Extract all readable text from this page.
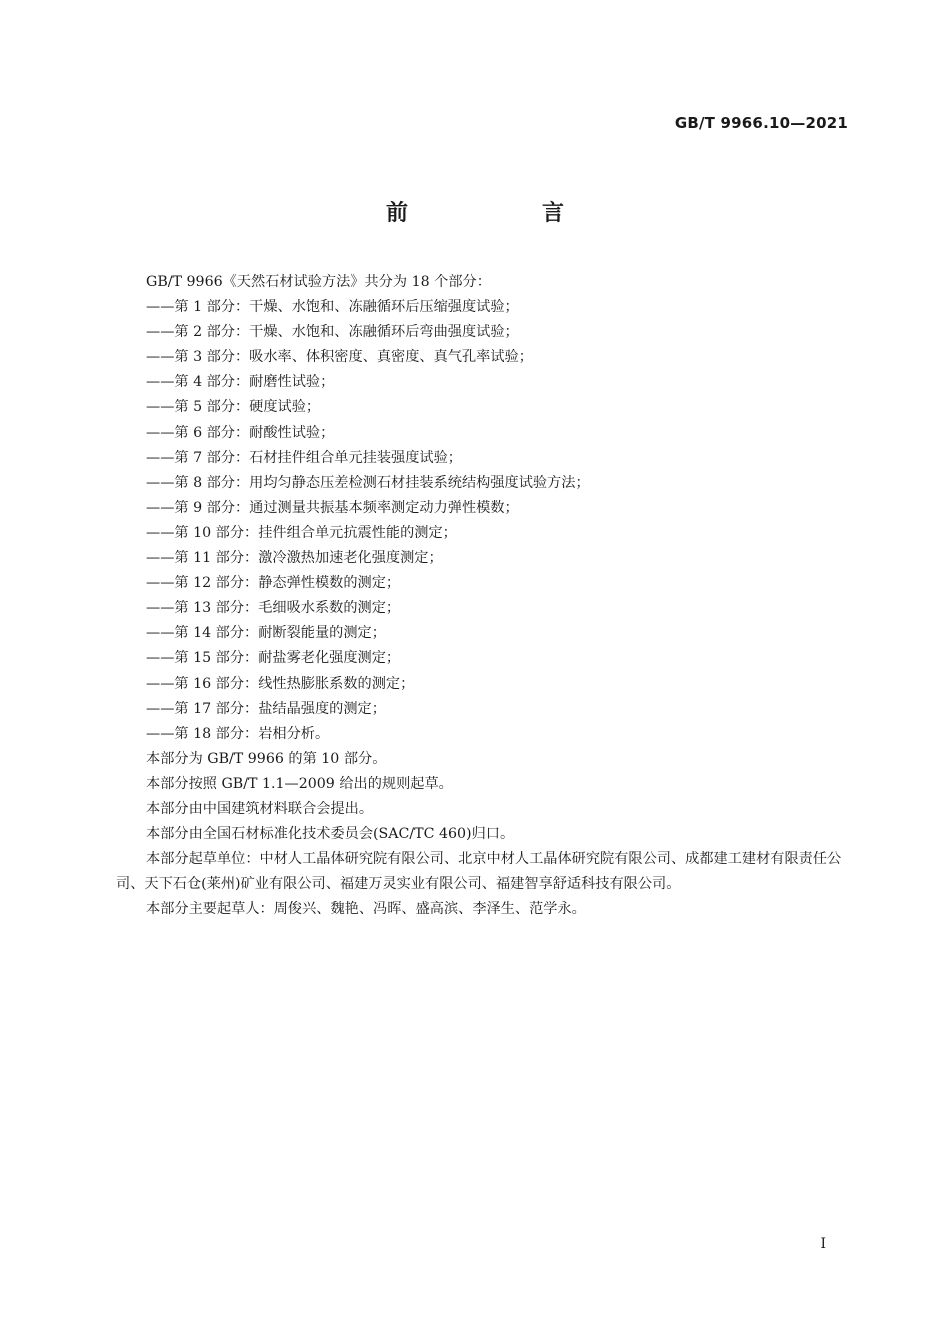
GB/T 9966.10—2021
前　言

GB/T 9966《天然石材试验方法》共分为 18 个部分：

——第 1 部分：干燥、水饱和、冻融循环后压缩强度试验；

——第 2 部分：干燥、水饱和、冻融循环后弯曲强度试验；

——第 3 部分：吸水率、体积密度、真密度、真气孔率试验；

——第 4 部分：耐磨性试验；

——第 5 部分：硬度试验；

——第 6 部分：耐酸性试验；

——第 7 部分：石材挂件组合单元挂装强度试验；

——第 8 部分：用均匀静态压差检测石材挂装系统结构强度试验方法；

——第 9 部分：通过测量共振基本频率测定动力弹性模数；

——第 10 部分：挂件组合单元抗震性能的测定；

——第 11 部分：激冷激热加速老化强度测定；

——第 12 部分：静态弹性模数的测定；

——第 13 部分：毛细吸水系数的测定；

——第 14 部分：耐断裂能量的测定；

——第 15 部分：耐盐雾老化强度测定；

——第 16 部分：线性热膨胀系数的测定；

——第 17 部分：盐结晶强度的测定；

——第 18 部分：岩相分析。

本部分为 GB/T 9966 的第 10 部分。

本部分按照 GB/T 1.1—2009 给出的规则起草。

本部分由中国建筑材料联合会提出。

本部分由全国石材标准化技术委员会(SAC/TC 460)归口。

本部分起草单位：中材人工晶体研究院有限公司、北京中材人工晶体研究院有限公司、成都建工建材有限责任公司、天下石仓(莱州)矿业有限公司、福建万灵实业有限公司、福建智享舒适科技有限公司。

本部分主要起草人：周俊兴、魏艳、冯晖、盛高滨、李泽生、范学永。

I
